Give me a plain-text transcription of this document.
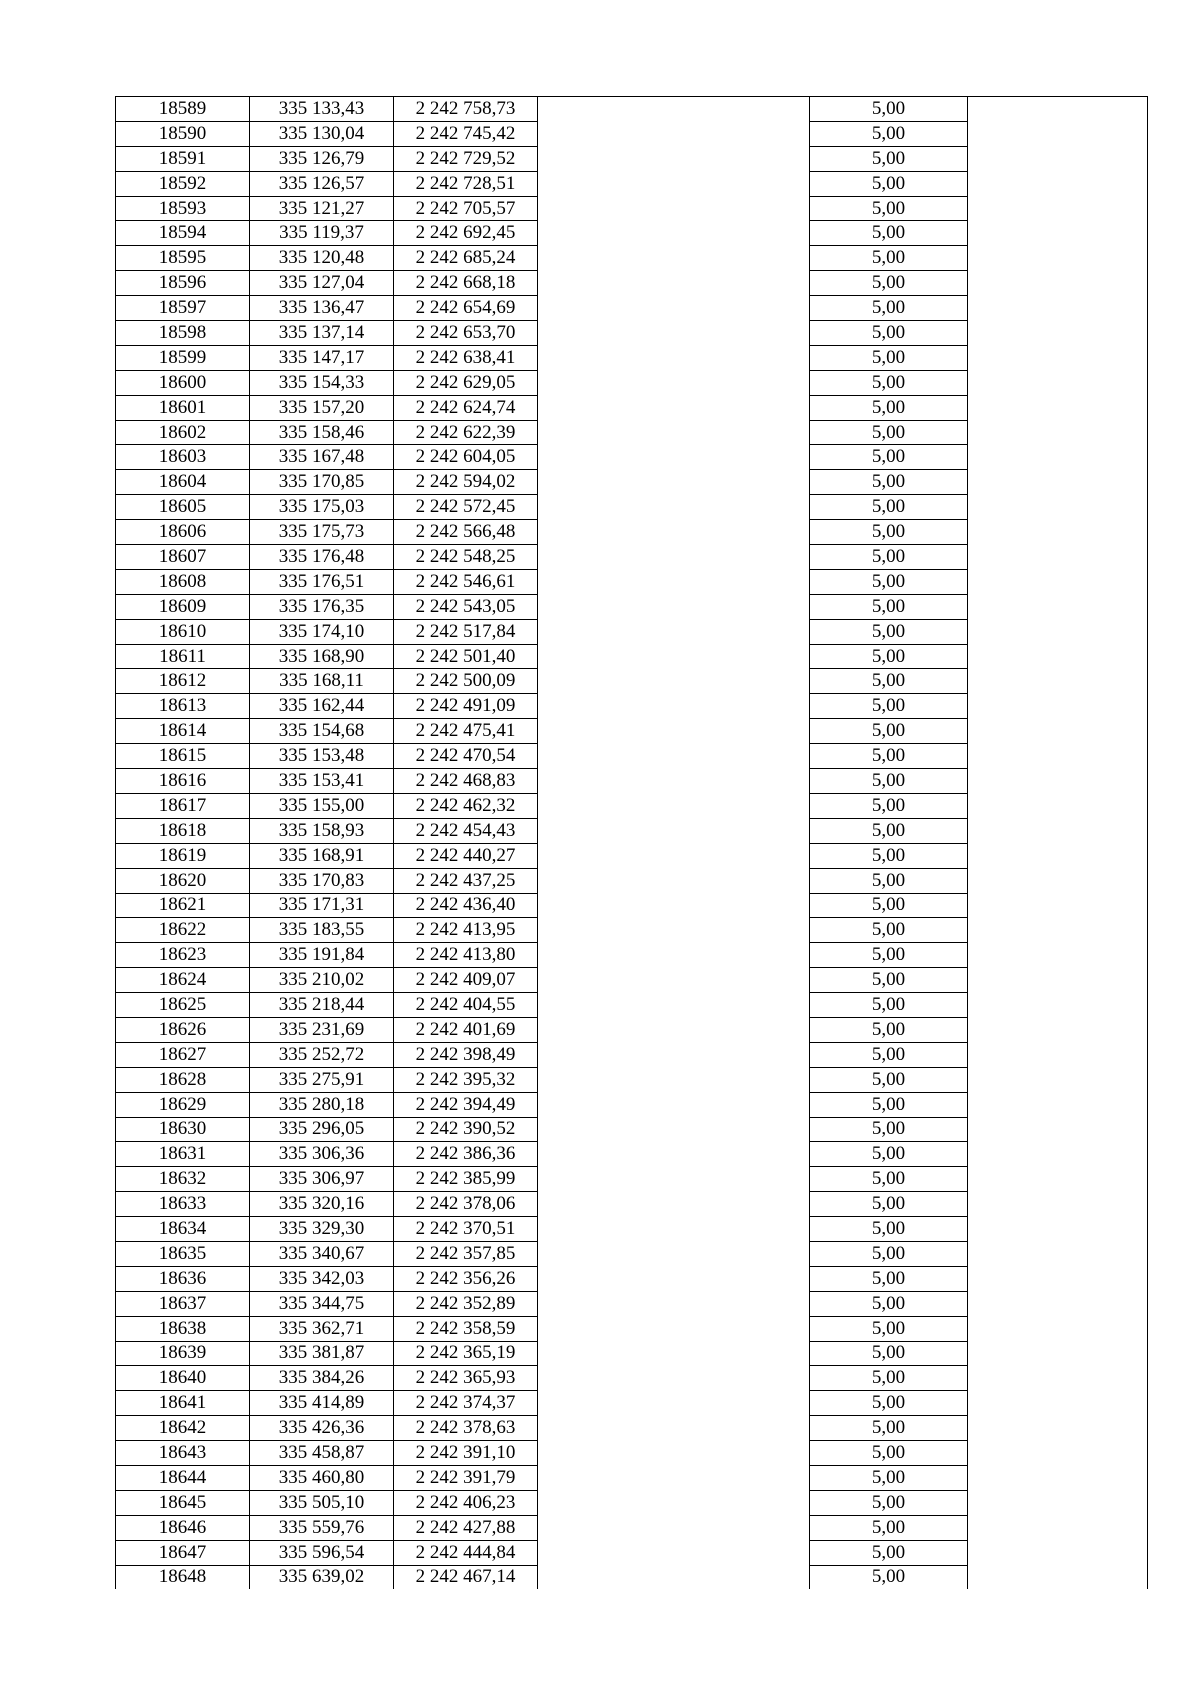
18589	335 133,43	2 242 758,73		5,00	
18590	335 130,04	2 242 745,42		5,00	
18591	335 126,79	2 242 729,52		5,00	
18592	335 126,57	2 242 728,51		5,00	
18593	335 121,27	2 242 705,57		5,00	
18594	335 119,37	2 242 692,45		5,00	
18595	335 120,48	2 242 685,24		5,00	
18596	335 127,04	2 242 668,18		5,00	
18597	335 136,47	2 242 654,69		5,00	
18598	335 137,14	2 242 653,70		5,00	
18599	335 147,17	2 242 638,41		5,00	
18600	335 154,33	2 242 629,05		5,00	
18601	335 157,20	2 242 624,74		5,00	
18602	335 158,46	2 242 622,39		5,00	
18603	335 167,48	2 242 604,05		5,00	
18604	335 170,85	2 242 594,02		5,00	
18605	335 175,03	2 242 572,45		5,00	
18606	335 175,73	2 242 566,48		5,00	
18607	335 176,48	2 242 548,25		5,00	
18608	335 176,51	2 242 546,61		5,00	
18609	335 176,35	2 242 543,05		5,00	
18610	335 174,10	2 242 517,84		5,00	
18611	335 168,90	2 242 501,40		5,00	
18612	335 168,11	2 242 500,09		5,00	
18613	335 162,44	2 242 491,09		5,00	
18614	335 154,68	2 242 475,41		5,00	
18615	335 153,48	2 242 470,54		5,00	
18616	335 153,41	2 242 468,83		5,00	
18617	335 155,00	2 242 462,32		5,00	
18618	335 158,93	2 242 454,43		5,00	
18619	335 168,91	2 242 440,27		5,00	
18620	335 170,83	2 242 437,25		5,00	
18621	335 171,31	2 242 436,40		5,00	
18622	335 183,55	2 242 413,95		5,00	
18623	335 191,84	2 242 413,80		5,00	
18624	335 210,02	2 242 409,07		5,00	
18625	335 218,44	2 242 404,55		5,00	
18626	335 231,69	2 242 401,69		5,00	
18627	335 252,72	2 242 398,49		5,00	
18628	335 275,91	2 242 395,32		5,00	
18629	335 280,18	2 242 394,49		5,00	
18630	335 296,05	2 242 390,52		5,00	
18631	335 306,36	2 242 386,36		5,00	
18632	335 306,97	2 242 385,99		5,00	
18633	335 320,16	2 242 378,06		5,00	
18634	335 329,30	2 242 370,51		5,00	
18635	335 340,67	2 242 357,85		5,00	
18636	335 342,03	2 242 356,26		5,00	
18637	335 344,75	2 242 352,89		5,00	
18638	335 362,71	2 242 358,59		5,00	
18639	335 381,87	2 242 365,19		5,00	
18640	335 384,26	2 242 365,93		5,00	
18641	335 414,89	2 242 374,37		5,00	
18642	335 426,36	2 242 378,63		5,00	
18643	335 458,87	2 242 391,10		5,00	
18644	335 460,80	2 242 391,79		5,00	
18645	335 505,10	2 242 406,23		5,00	
18646	335 559,76	2 242 427,88		5,00	
18647	335 596,54	2 242 444,84		5,00	
18648	335 639,02	2 242 467,14		5,00	
